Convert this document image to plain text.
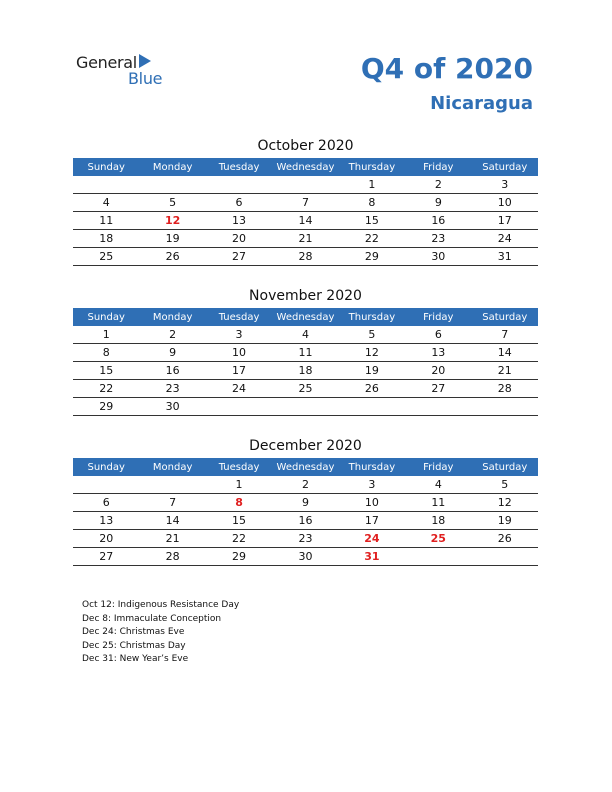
General
Blue	Q4 of 2020
Nicaragua
October 2020
Sunday	Monday	Tuesday	Wednesday	Thursday	Friday	Saturday
				1	2	3
4	5	6	7	8	9	10
11	12	13	14	15	16	17
18	19	20	21	22	23	24
25	26	27	28	29	30	31
November 2020
Sunday	Monday	Tuesday	Wednesday	Thursday	Friday	Saturday
1	2	3	4	5	6	7
8	9	10	11	12	13	14
15	16	17	18	19	20	21
22	23	24	25	26	27	28
29	30					
December 2020
Sunday	Monday	Tuesday	Wednesday	Thursday	Friday	Saturday
		1	2	3	4	5
6	7	8	9	10	11	12
13	14	15	16	17	18	19
20	21	22	23	24	25	26
27	28	29	30	31		
Oct 12: Indigenous Resistance Day
Dec 8: Immaculate Conception
Dec 24: Christmas Eve
Dec 25: Christmas Day
Dec 31: New Year’s Eve
